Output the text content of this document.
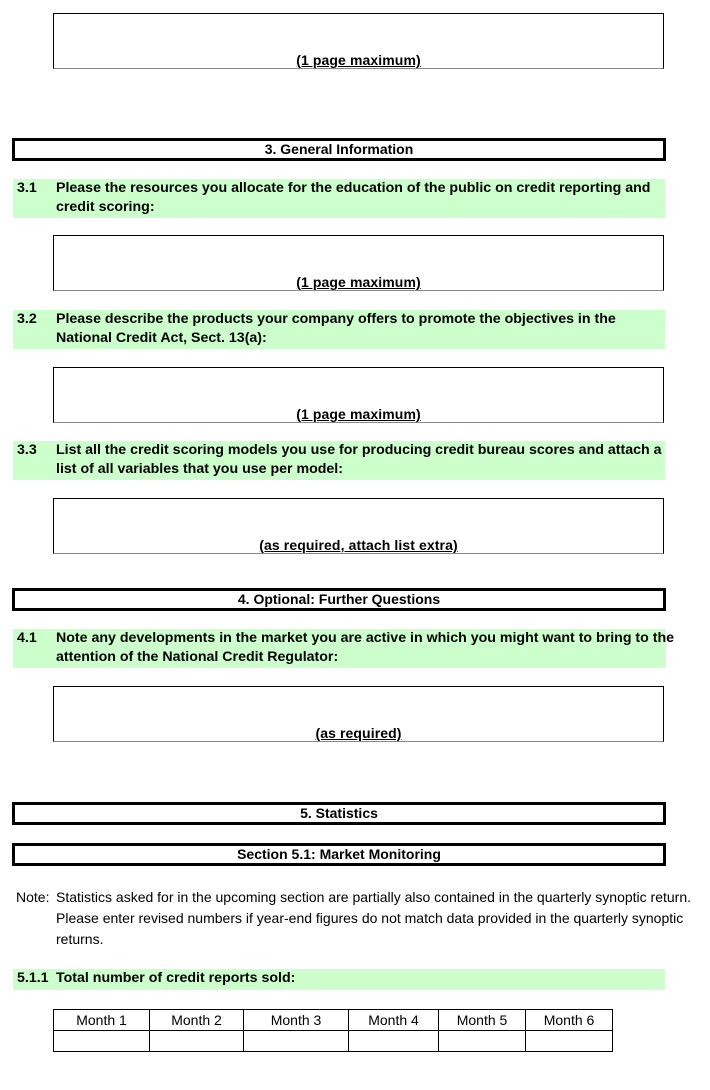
(1 page maximum)
3. General Information
3.1 Please the resources you allocate for the education of the public on credit reporting and credit scoring:
(1 page maximum)
3.2 Please describe the products your company offers to promote the objectives in the National Credit Act, Sect. 13(a):
(1 page maximum)
3.3 List all the credit scoring models you use for producing credit bureau scores and attach a list of all variables that you use per model:
(as required, attach list extra)
4. Optional: Further Questions
4.1 Note any developments in the market you are active in which you might want to bring to the attention of the National Credit Regulator:
(as required)
5. Statistics
Section 5.1: Market Monitoring
Note: Statistics asked for in the upcoming section are partially also contained in the quarterly synoptic return. Please enter revised numbers if year-end figures do not match data provided in the quarterly synoptic returns.
5.1.1 Total number of credit reports sold:
Month 1	Month 2	Month 3	Month 4	Month 5	Month 6
